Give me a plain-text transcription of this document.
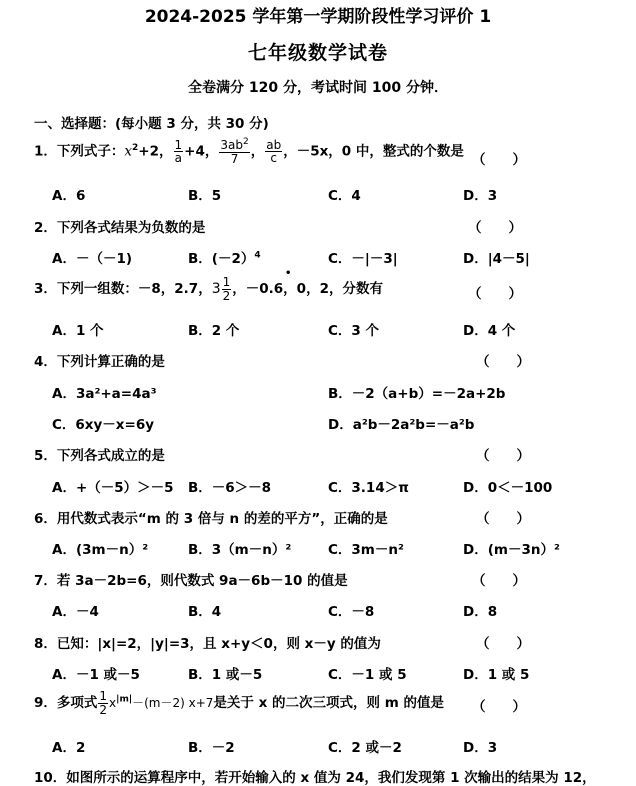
2024-2025 学年第一学期阶段性学习评价 1
七年级数学试卷
全卷满分 120 分，考试时间 100 分钟．
一、选择题：(每小题 3 分，共 30 分)
1．下列式子：$x^2+2$， $\frac{1}{a} +4$， $\frac{3ab^2}{7}$ ， $\frac{ab}{c}$ ，－5x，0 中，整式的个数是
（　　）
A．6	B．5	C．4	D．3
2．下列各式结果为负数的是	（　　）
A．－（－1)	B．(－2）$^4$	C．－|－3|	D．|4－5|
3．下列一组数：－8，2.7，$3 \frac{1}{2}$ ，－0.6，0，2，分数有
•
（　　）
A．1 个	B．2 个	C．3 个	D．4 个
4．下列计算正确的是	（　　）
A．3a²+a=4a³	B．－2（a+b）=－2a+2b
C．6xy－x=6y	D．a²b－2a²b=－a²b
5．下列各式成立的是	（　　）
A．+（－5）＞－5 B．－6＞－8	C．3.14＞π	D．0＜－100
6．用代数式表示“m 的 3 倍与 n 的差的平方”，正确的是	（　　）
A．(3m－n）²	B．3（m－n）²	C．3m－n²	D．(m－3n）²
7．若 3a－2b=6，则代数式 9a－6b－10 的值是	（　　）
A．－4	B．4	C．－8	D．8
8．已知：|x|=2，|y|=3，且 x+y＜0，则 x－y 的值为	（　　）
A．－1 或－5	B．1 或－5	C．－1 或 5	D．1 或 5
9．多项式 $\frac{1}{2} x^{|m|}-(m-2)$ x+7是关于 x 的二次三项式，则 m 的值是 （　　）
A．2	B．－2	C．2 或－2	D．3
10．如图所示的运算程序中，若开始输入的 x 值为 24，我们发现第 1 次输出的结果为 12，
